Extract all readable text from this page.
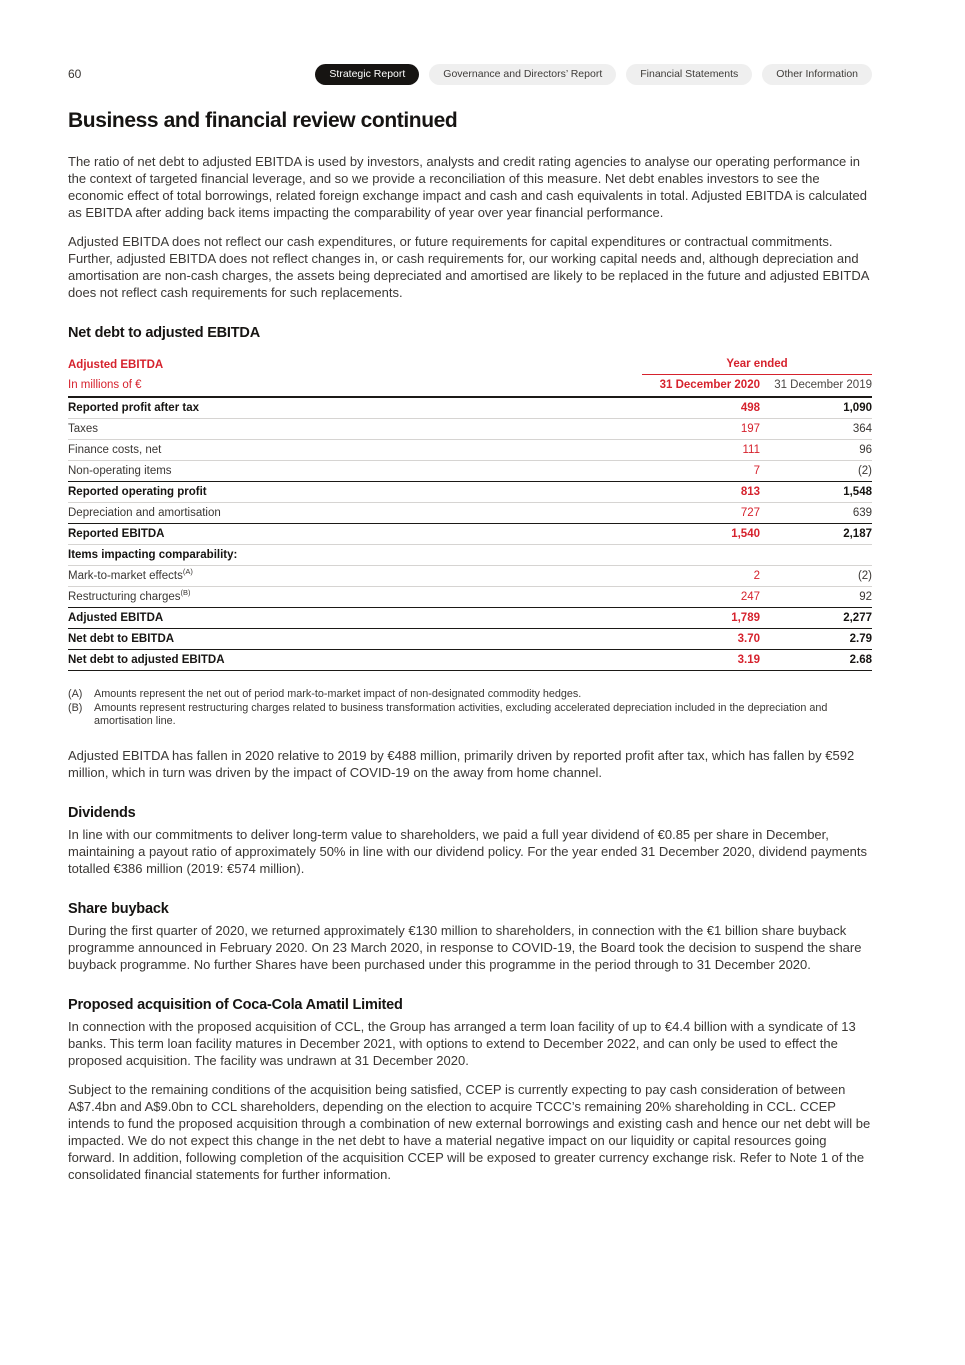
60	Strategic Report	Governance and Directors’ Report	Financial Statements	Other Information
Business and financial review continued

The ratio of net debt to adjusted EBITDA is used by investors, analysts and credit rating agencies to analyse our operating performance in the context of targeted financial leverage, and so we provide a reconciliation of this measure. Net debt enables investors to see the economic effect of total borrowings, related foreign exchange impact and cash and cash equivalents in total. Adjusted EBITDA is calculated as EBITDA after adding back items impacting the comparability of year over year financial performance.

Adjusted EBITDA does not reflect our cash expenditures, or future requirements for capital expenditures or contractual commitments. Further, adjusted EBITDA does not reflect changes in, or cash requirements for, our working capital needs and, although depreciation and amortisation are non-cash charges, the assets being depreciated and amortised are likely to be replaced in the future and adjusted EBITDA does not reflect cash requirements for such replacements.

Net debt to adjusted EBITDA
Adjusted EBITDA	Year ended	
In millions of €	31 December 2020	31 December 2019
Reported profit after tax	498	1,090
Taxes	197	364
Finance costs, net	111	96
Non-operating items	7	(2)
Reported operating profit	813	1,548
Depreciation and amortisation	727	639
Reported EBITDA	1,540	2,187
Items impacting comparability:		
Mark-to-market effects$^{(A)}$	2	(2)
Restructuring charges$^{(B)}$	247	92
Adjusted EBITDA	1,789	2,277
Net debt to EBITDA	3.70	2.79
Net debt to adjusted EBITDA	3.19	2.68
(A) Amounts represent the net out of period mark-to-market impact of non-designated commodity hedges.
(B) Amounts represent restructuring charges related to business transformation activities, excluding accelerated depreciation included in the depreciation and amortisation line.

Adjusted EBITDA has fallen in 2020 relative to 2019 by €488 million, primarily driven by reported profit after tax, which has fallen by €592 million, which in turn was driven by the impact of COVID-19 on the away from home channel.

Dividends

In line with our commitments to deliver long-term value to shareholders, we paid a full year dividend of €0.85 per share in December, maintaining a payout ratio of approximately 50% in line with our dividend policy. For the year ended 31 December 2020, dividend payments totalled €386 million (2019: €574 million).

Share buyback

During the first quarter of 2020, we returned approximately €130 million to shareholders, in connection with the €1 billion share buyback programme announced in February 2020. On 23 March 2020, in response to COVID-19, the Board took the decision to suspend the share buyback programme. No further Shares have been purchased under this programme in the period through to 31 December 2020.

Proposed acquisition of Coca-Cola Amatil Limited

In connection with the proposed acquisition of CCL, the Group has arranged a term loan facility of up to €4.4 billion with a syndicate of 13 banks. This term loan facility matures in December 2021, with options to extend to December 2022, and can only be used to effect the proposed acquisition. The facility was undrawn at 31 December 2020.

Subject to the remaining conditions of the acquisition being satisfied, CCEP is currently expecting to pay cash consideration of between A$7.4bn and A$9.0bn to CCL shareholders, depending on the election to acquire TCCC’s remaining 20% shareholding in CCL. CCEP intends to fund the proposed acquisition through a combination of new external borrowings and existing cash and hence our net debt will be impacted. We do not expect this change in the net debt to have a material negative impact on our liquidity or capital resources going forward. In addition, following completion of the acquisition CCEP will be exposed to greater currency exchange risk. Refer to Note 1 of the consolidated financial statements for further information.
